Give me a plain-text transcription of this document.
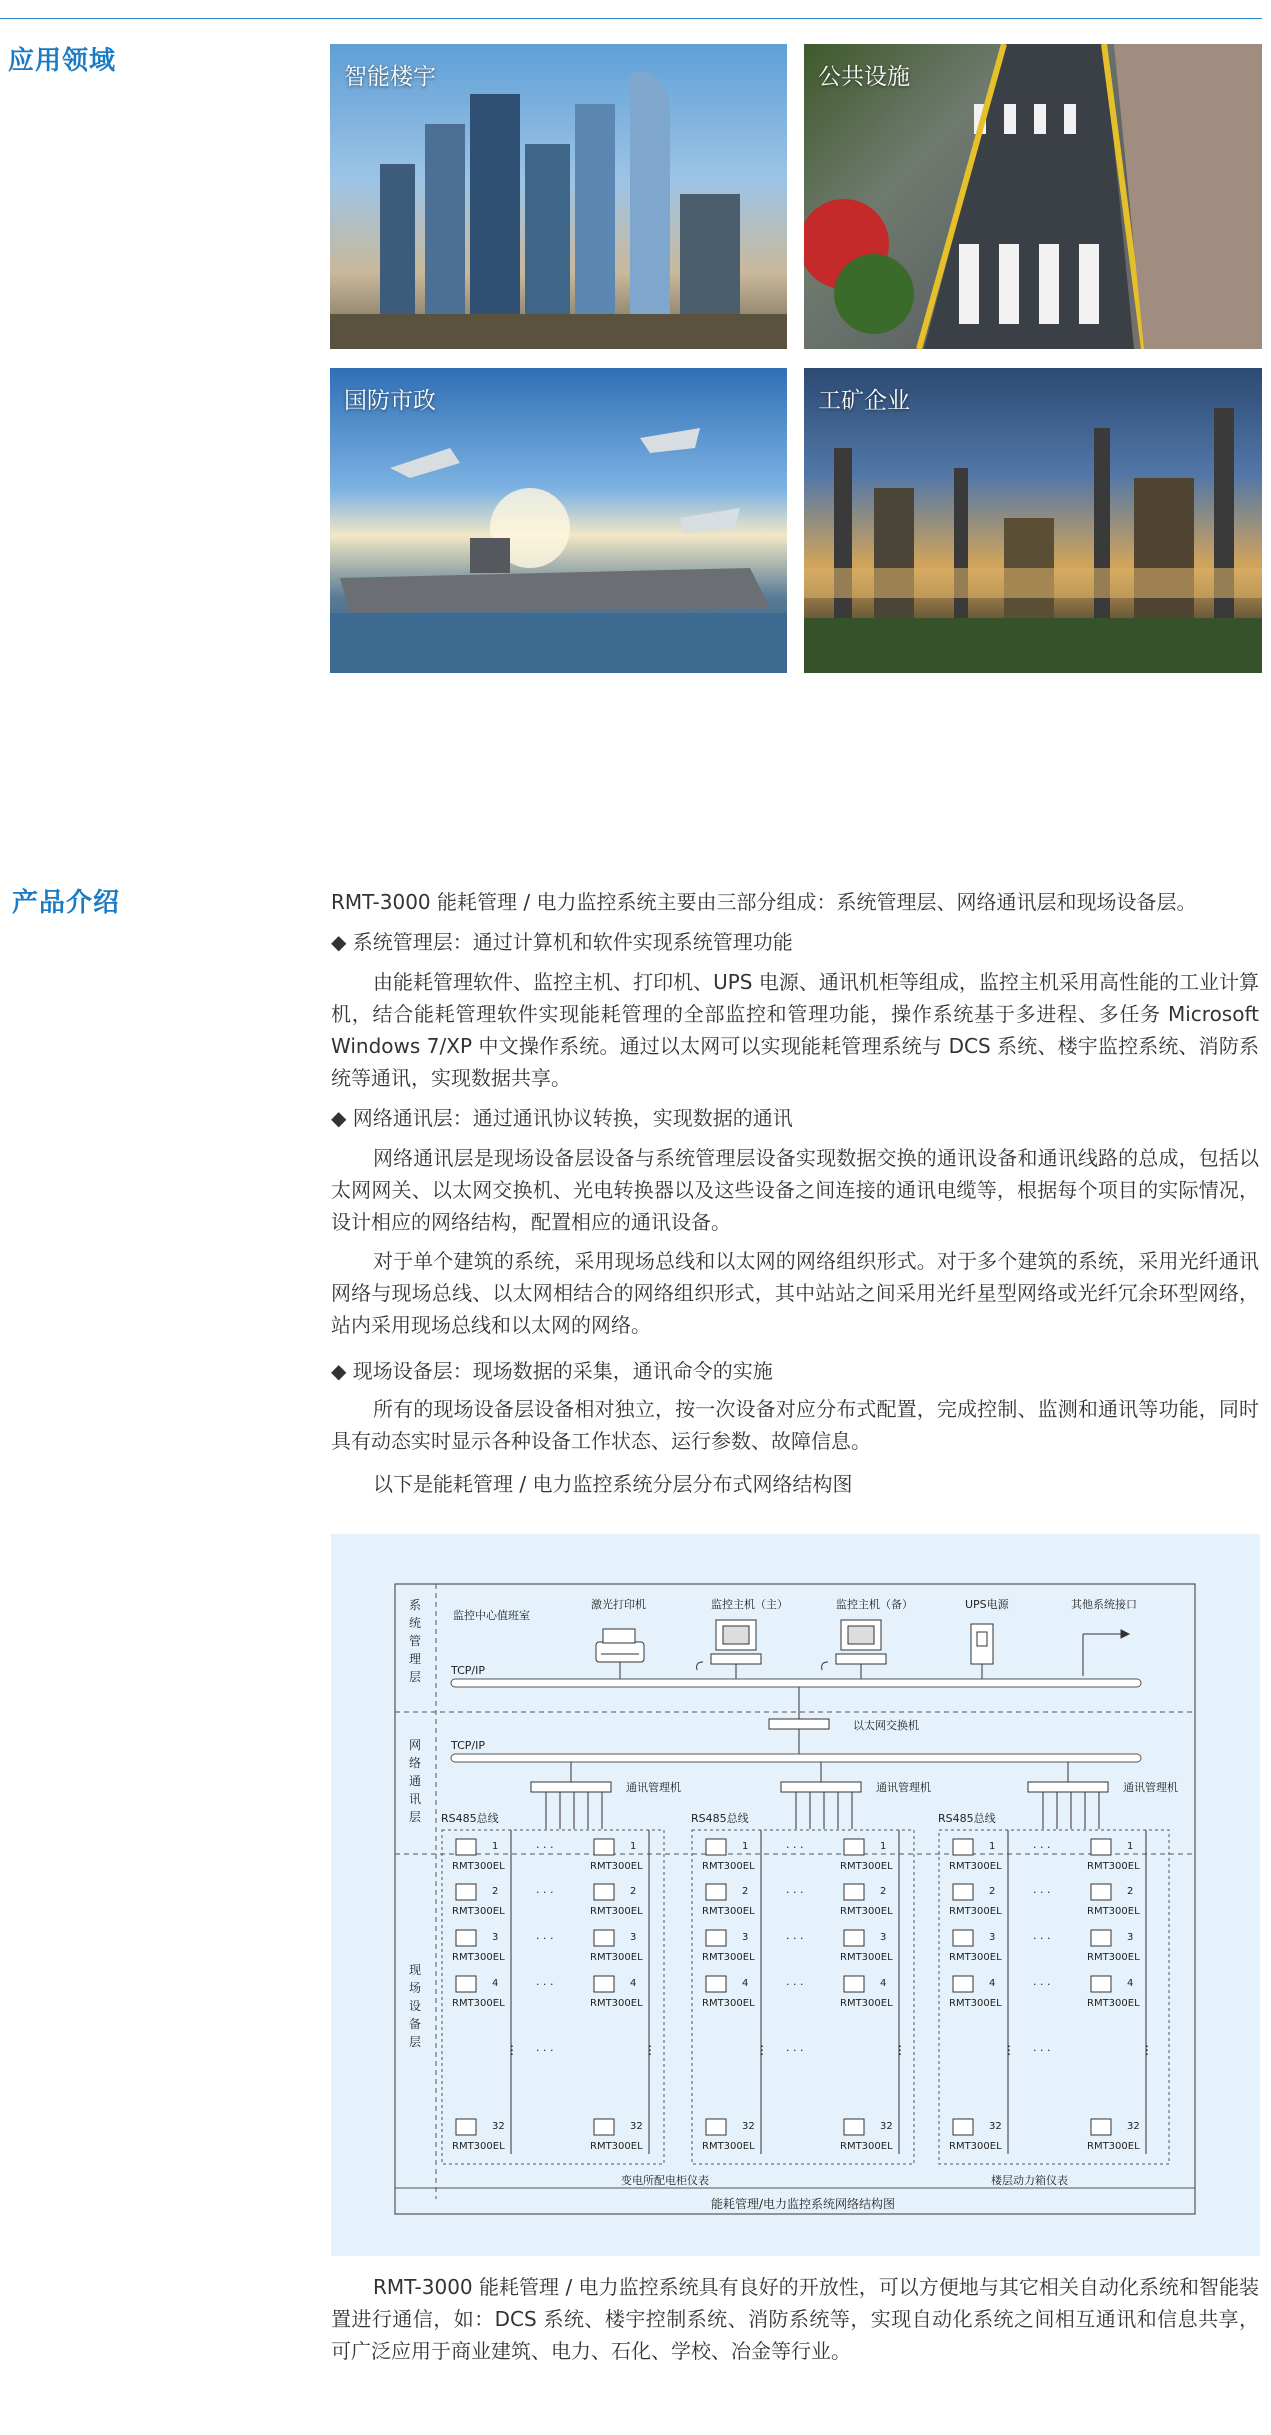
应用领域
智能楼宇	公共设施
国防市政	工矿企业
产品介绍	RMT-3000 能耗管理 / 电力监控系统主要由三部分组成：系统管理层、网络通讯层和现场设备层。
◆ 系统管理层：通过计算机和软件实现系统管理功能
由能耗管理软件、监控主机、打印机、UPS 电源、通讯机柜等组成，监控主机采用高性能的工业计算机，结合能耗管理软件实现能耗管理的全部监控和管理功能，操作系统基于多进程、多任务 Microsoft Windows 7/XP 中文操作系统。通过以太网可以实现能耗管理系统与 DCS 系统、楼宇监控系统、消防系统等通讯，实现数据共享。
◆ 网络通讯层：通过通讯协议转换，实现数据的通讯
网络通讯层是现场设备层设备与系统管理层设备实现数据交换的通讯设备和通讯线路的总成，包括以太网网关、以太网交换机、光电转换器以及这些设备之间连接的通讯电缆等，根据每个项目的实际情况，设计相应的网络结构，配置相应的通讯设备。
对于单个建筑的系统，采用现场总线和以太网的网络组织形式。对于多个建筑的系统，采用光纤通讯网络与现场总线、以太网相结合的网络组织形式，其中站站之间采用光纤星型网络或光纤冗余环型网络，站内采用现场总线和以太网的网络。
◆ 现场设备层：现场数据的采集，通讯命令的实施
所有的现场设备层设备相对独立，按一次设备对应分布式配置，完成控制、监测和通讯等功能，同时具有动态实时显示各种设备工作状态、运行参数、故障信息。
以下是能耗管理 / 电力监控系统分层分布式网络结构图
系统管理层
网络通讯层
现场设备层
监控中心值班室
激光打印机	监控主机（主）	监控主机（备）	UPS电源	其他系统接口
TCP/IP
以太网交换机
TCP/IP
通讯管理机
RS485总线
1
RMT300EL
1
RMT300EL
· · ·
2
RMT300EL
2
RMT300EL
· · ·
3
RMT300EL
3
RMT300EL
· · ·
4
RMT300EL
4
RMT300EL
· · ·
⋮	⋮
· · ·
32
RMT300EL
32
RMT300EL
通讯管理机
RS485总线
1
RMT300EL
1
RMT300EL
· · ·
2
RMT300EL
2
RMT300EL
· · ·
3
RMT300EL
3
RMT300EL
· · ·
4
RMT300EL
4
RMT300EL
· · ·
⋮	⋮
· · ·
32
RMT300EL
32
RMT300EL
通讯管理机
RS485总线
1
RMT300EL
1
RMT300EL
· · ·
2
RMT300EL
2
RMT300EL
· · ·
3
RMT300EL
3
RMT300EL
· · ·
4
RMT300EL
4
RMT300EL
· · ·
⋮	⋮
· · ·
32
RMT300EL
32
RMT300EL
变电所配电柜仪表	楼层动力箱仪表
能耗管理/电力监控系统网络结构图
RMT-3000 能耗管理 / 电力监控系统具有良好的开放性，可以方便地与其它相关自动化系统和智能装置进行通信，如：DCS 系统、楼宇控制系统、消防系统等，实现自动化系统之间相互通讯和信息共享，可广泛应用于商业建筑、电力、石化、学校、冶金等行业。
